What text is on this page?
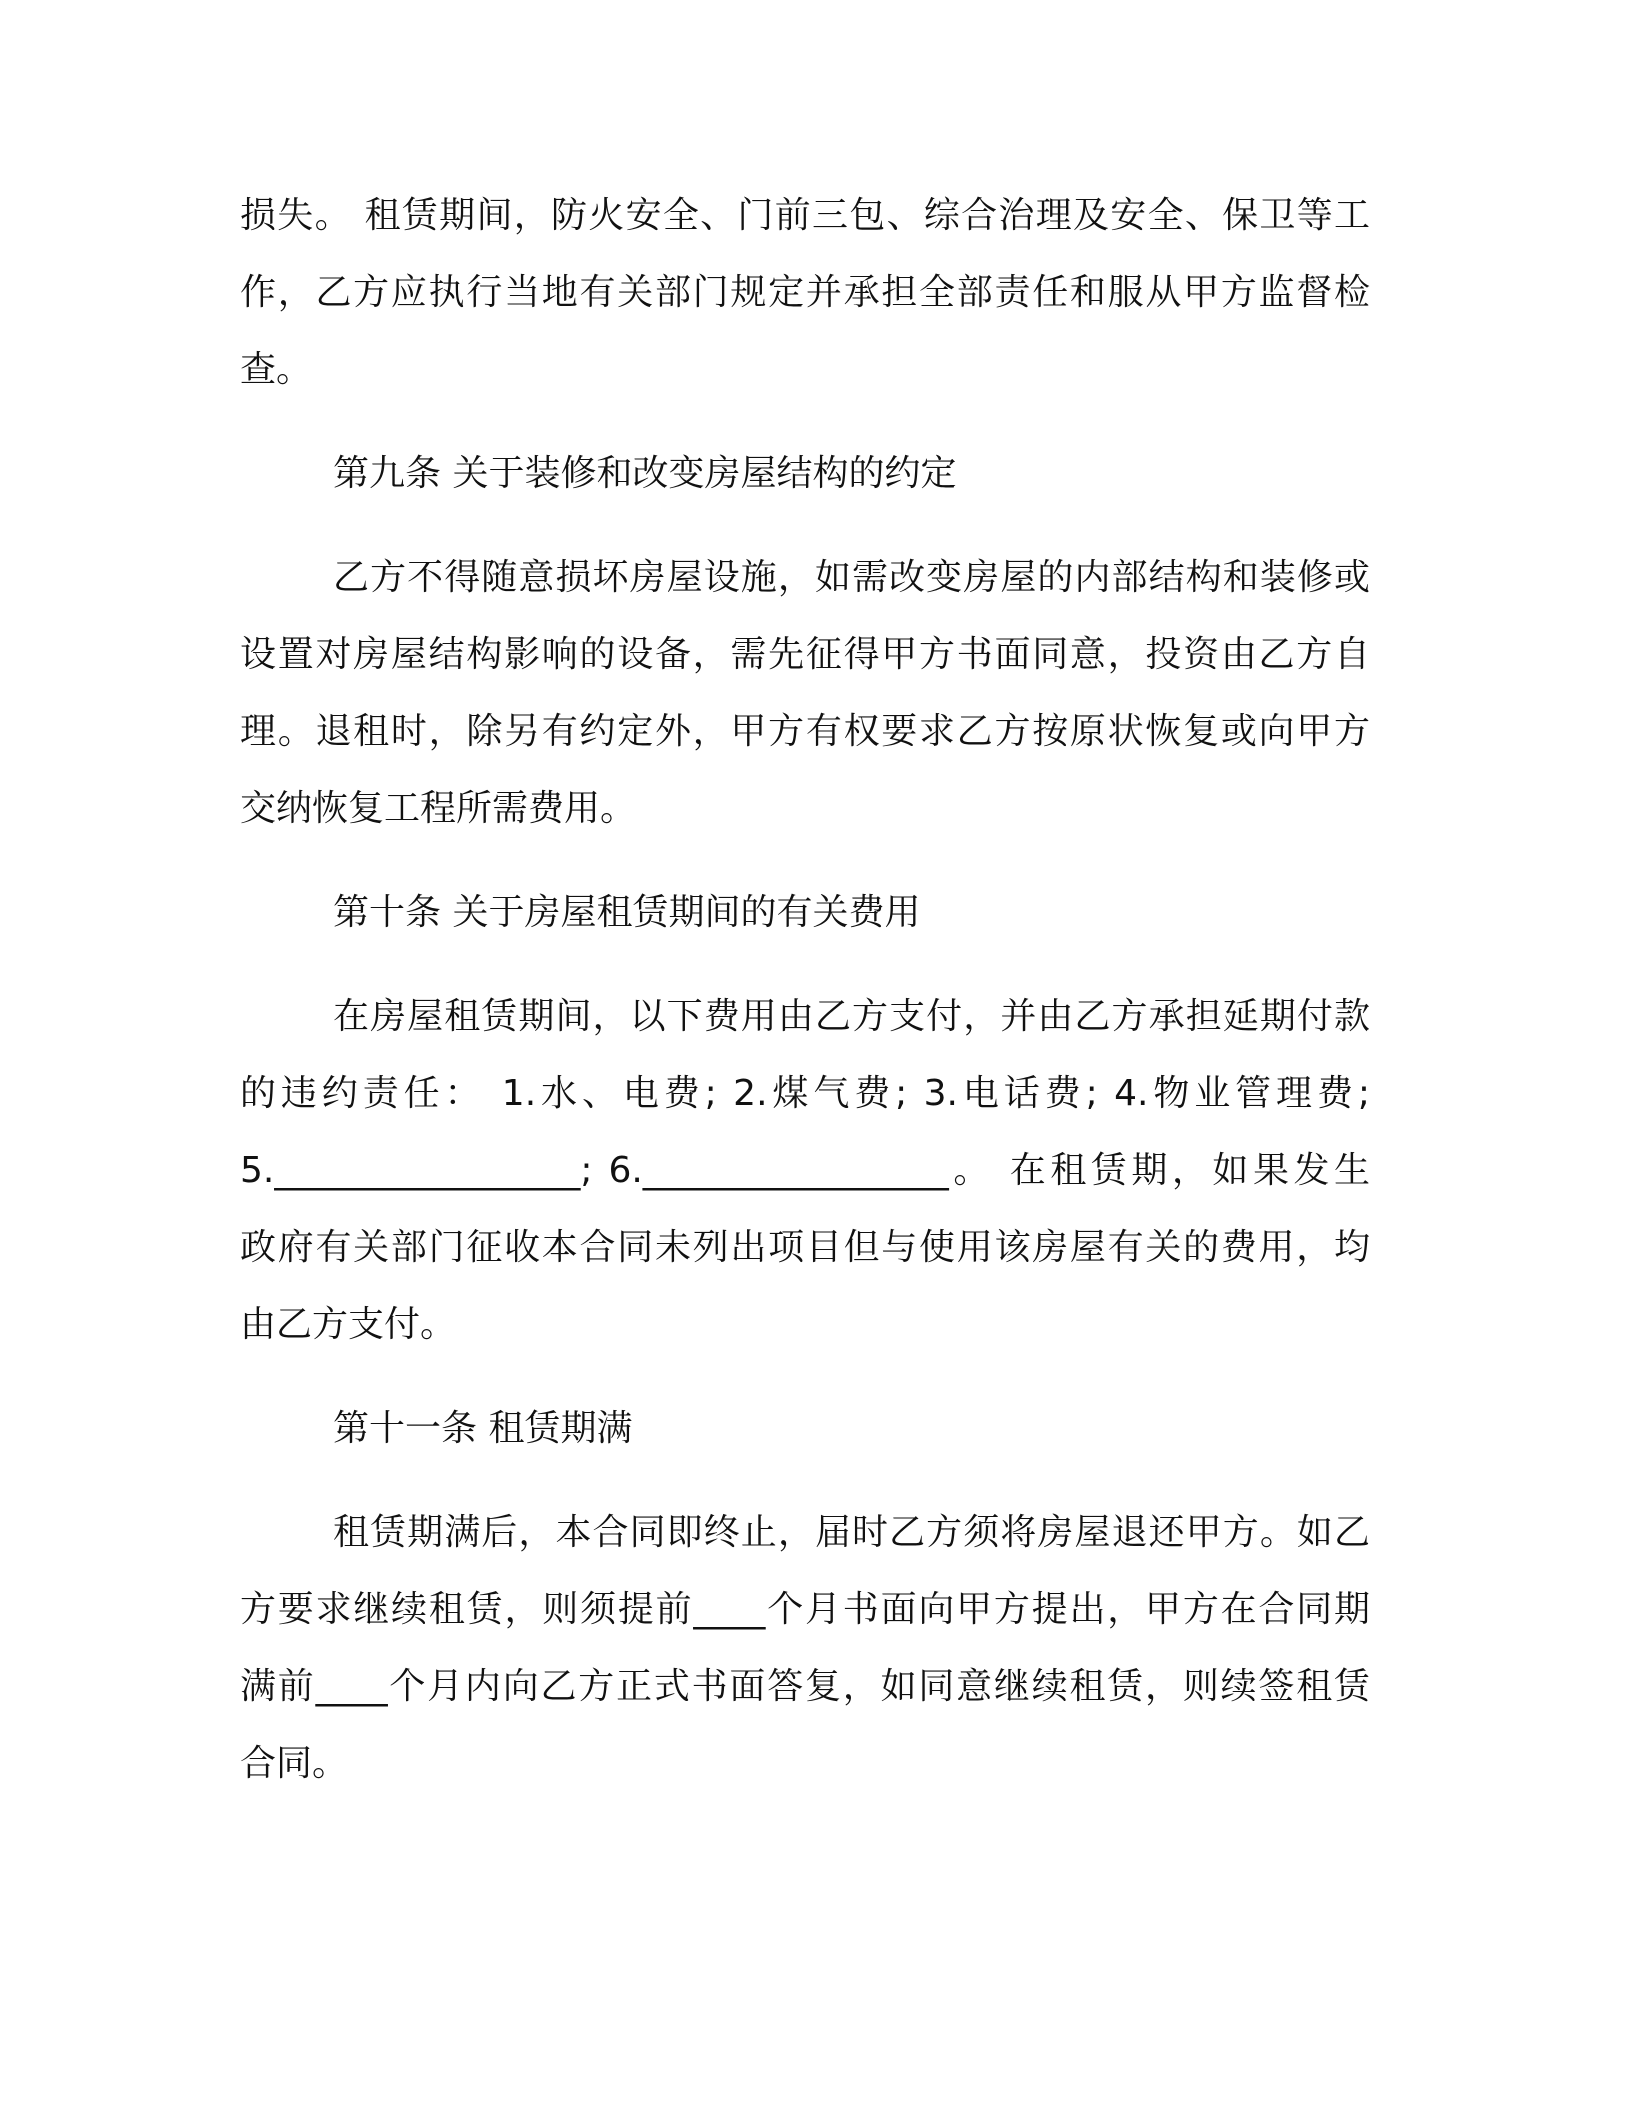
损失。 租赁期间，防火安全、门前三包、综合治理及安全、保卫等工
作，乙方应执行当地有关部门规定并承担全部责任和服从甲方监督检
查。
第九条 关于装修和改变房屋结构的约定
乙方不得随意损坏房屋设施，如需改变房屋的内部结构和装修或
设置对房屋结构影响的设备，需先征得甲方书面同意，投资由乙方自
理。退租时，除另有约定外，甲方有权要求乙方按原状恢复或向甲方
交纳恢复工程所需费用。
第十条 关于房屋租赁期间的有关费用
在房屋租赁期间，以下费用由乙方支付，并由乙方承担延期付款
的违约责任： 1.水、电费; 2.煤气费; 3.电话费; 4.物业管理费;
5._________________; 6._________________。 在租赁期，如果发生
政府有关部门征收本合同未列出项目但与使用该房屋有关的费用，均
由乙方支付。
第十一条 租赁期满
租赁期满后，本合同即终止，届时乙方须将房屋退还甲方。如乙
方要求继续租赁，则须提前____个月书面向甲方提出，甲方在合同期
满前____个月内向乙方正式书面答复，如同意继续租赁，则续签租赁
合同。
